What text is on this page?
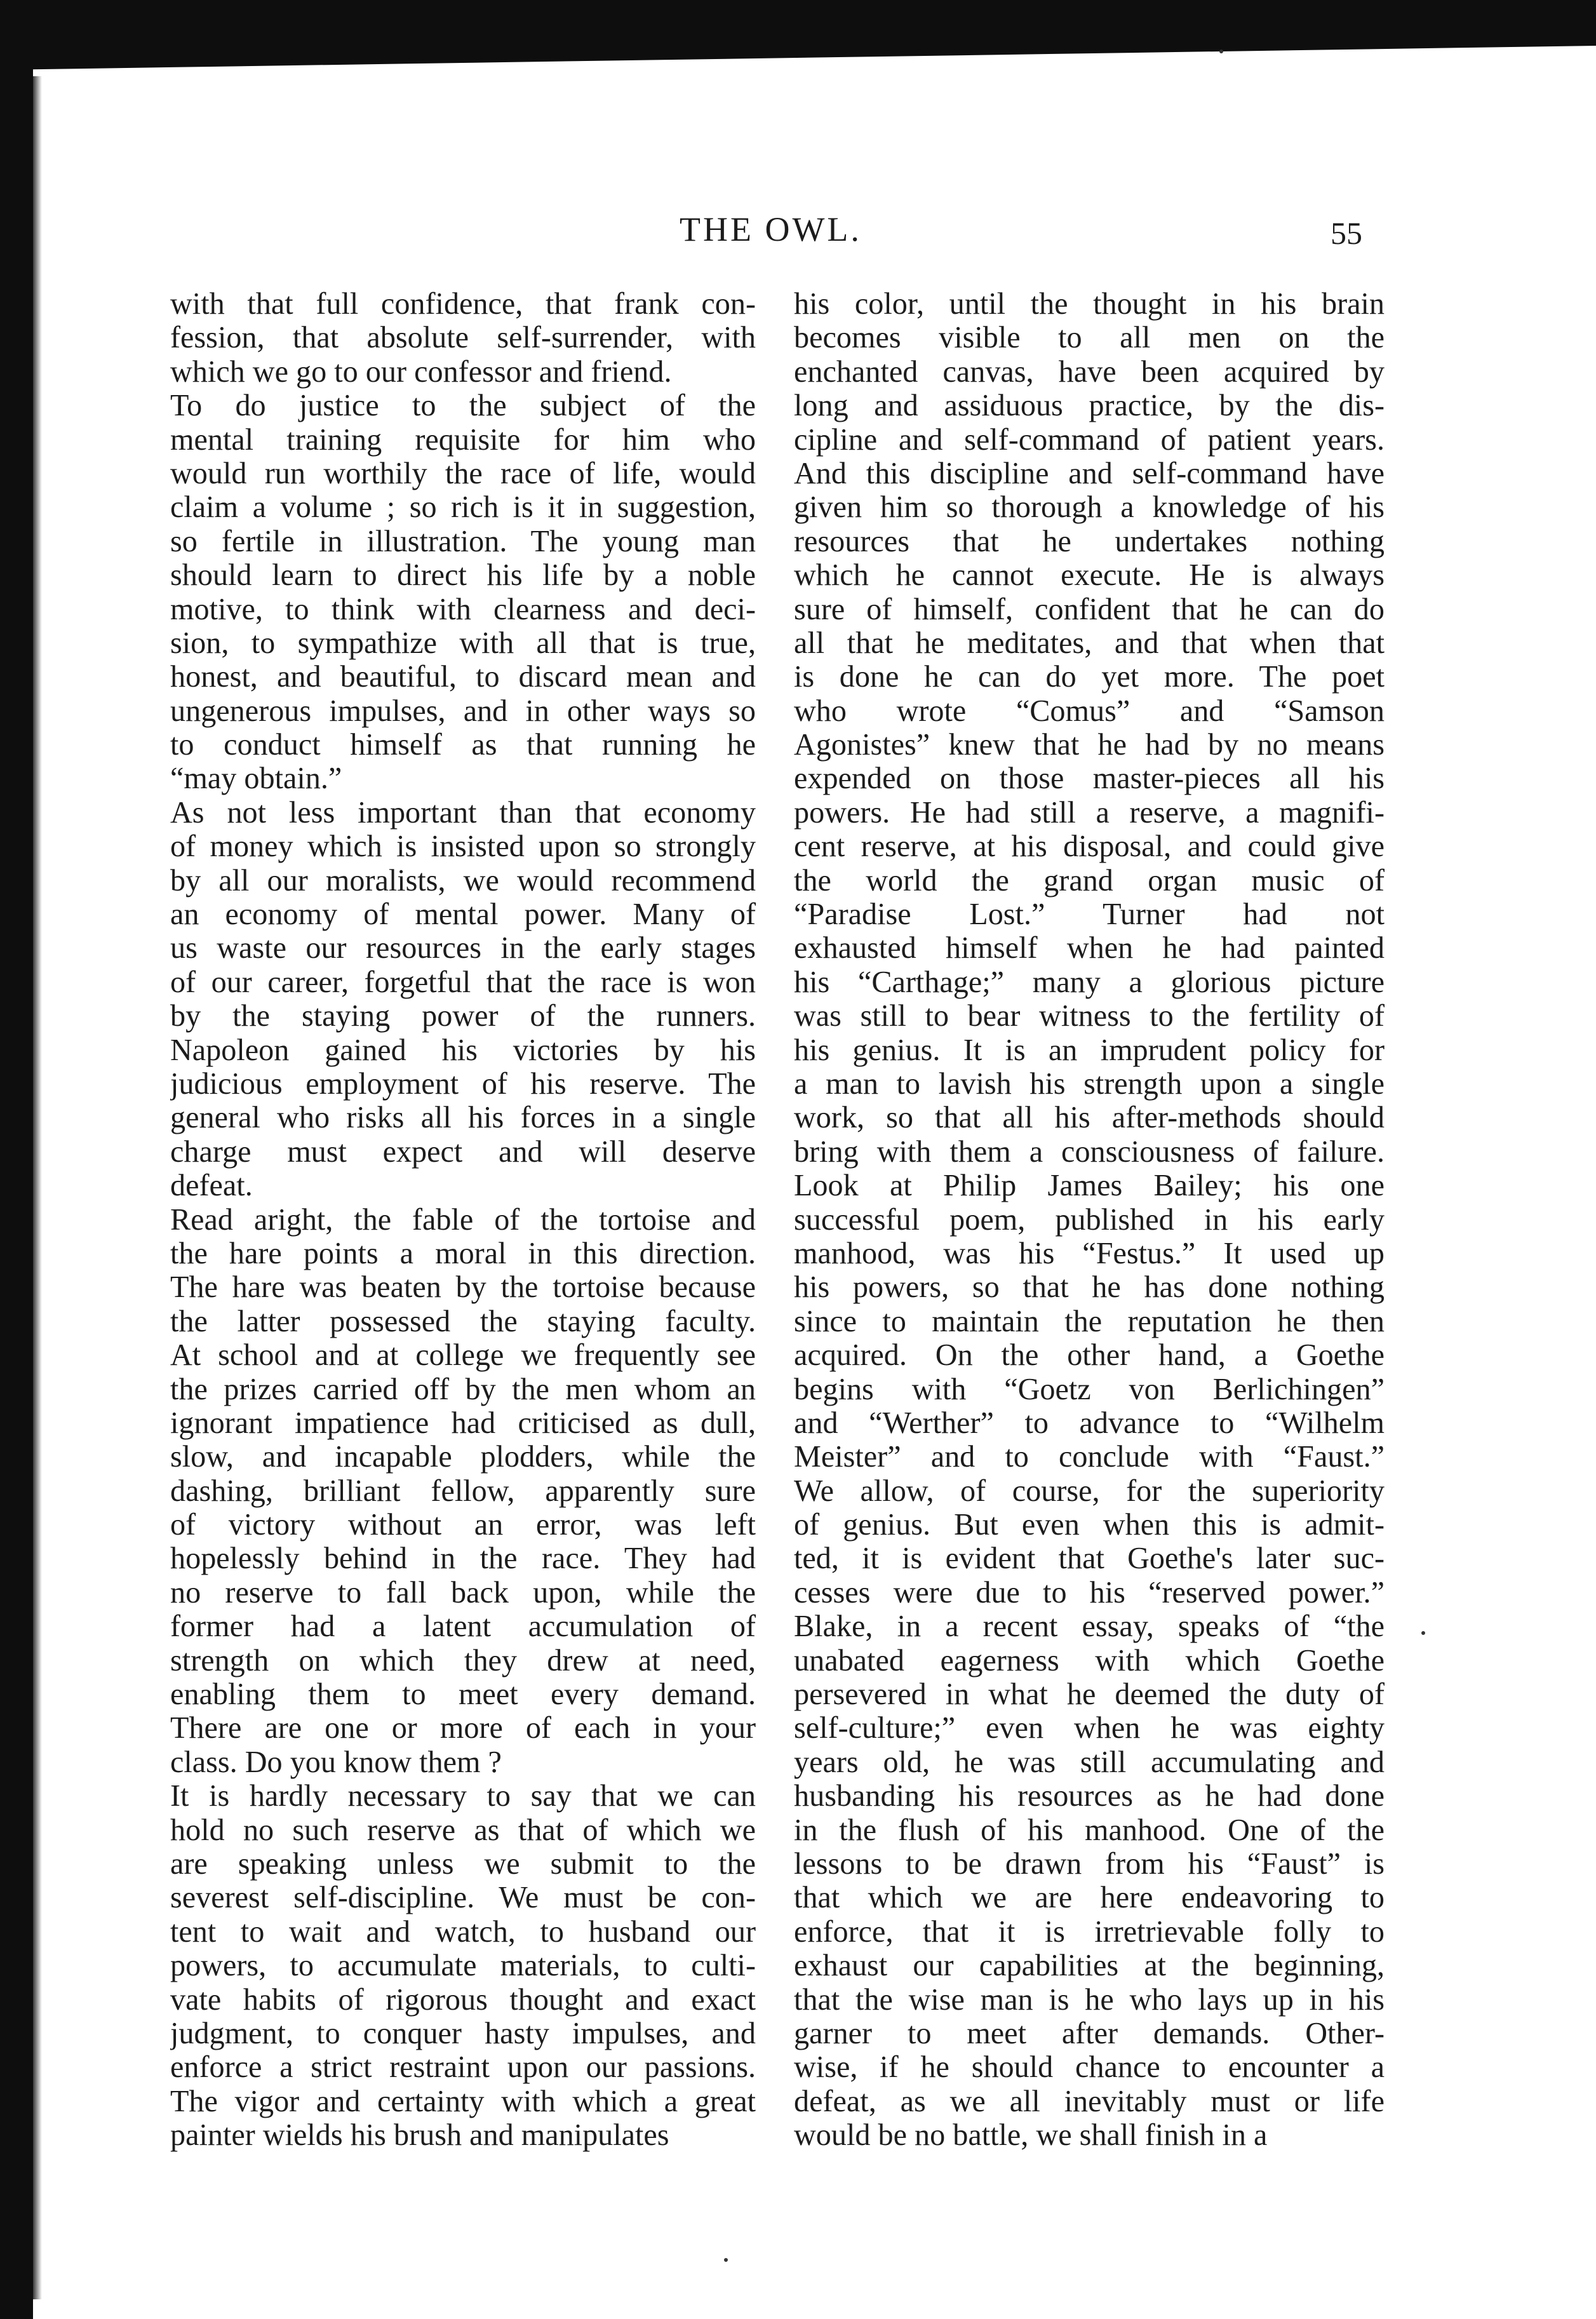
THE OWL.	55
with that full confidence, that frank con-
fession, that absolute self-surrender, with
which we go to our confessor and friend.
To do justice to the subject of the
mental training requisite for him who
would run worthily the race of life, would
claim a volume ; so rich is it in suggestion,
so fertile in illustration. The young man
should learn to direct his life by a noble
motive, to think with clearness and deci-
sion, to sympathize with all that is true,
honest, and beautiful, to discard mean and
ungenerous impulses, and in other ways so
to conduct himself as that running he
“may obtain.”
As not less important than that economy
of money which is insisted upon so strongly
by all our moralists, we would recommend
an economy of mental power. Many of
us waste our resources in the early stages
of our career, forgetful that the race is won
by the staying power of the runners.
Napoleon gained his victories by his
judicious employment of his reserve. The
general who risks all his forces in a single
charge must expect and will deserve
defeat.
Read aright, the fable of the tortoise and
the hare points a moral in this direction.
The hare was beaten by the tortoise because
the latter possessed the staying faculty.
At school and at college we frequently see
the prizes carried off by the men whom an
ignorant impatience had criticised as dull,
slow, and incapable plodders, while the
dashing, brilliant fellow, apparently sure
of victory without an error, was left
hopelessly behind in the race. They had
no reserve to fall back upon, while the
former had a latent accumulation of
strength on which they drew at need,
enabling them to meet every demand.
There are one or more of each in your
class. Do you know them ?
It is hardly necessary to say that we can
hold no such reserve as that of which we
are speaking unless we submit to the
severest self-discipline. We must be con-
tent to wait and watch, to husband our
powers, to accumulate materials, to culti-
vate habits of rigorous thought and exact
judgment, to conquer hasty impulses, and
enforce a strict restraint upon our passions.
The vigor and certainty with which a great
painter wields his brush and manipulates
his color, until the thought in his brain
becomes visible to all men on the
enchanted canvas, have been acquired by
long and assiduous practice, by the dis-
cipline and self-command of patient years.
And this discipline and self-command have
given him so thorough a knowledge of his
resources that he undertakes nothing
which he cannot execute. He is always
sure of himself, confident that he can do
all that he meditates, and that when that
is done he can do yet more. The poet
who wrote “Comus” and “Samson
Agonistes” knew that he had by no means
expended on those master-pieces all his
powers. He had still a reserve, a magnifi-
cent reserve, at his disposal, and could give
the world the grand organ music of
“Paradise Lost.” Turner had not
exhausted himself when he had painted
his “Carthage;” many a glorious picture
was still to bear witness to the fertility of
his genius. It is an imprudent policy for
a man to lavish his strength upon a single
work, so that all his after-methods should
bring with them a consciousness of failure.
Look at Philip James Bailey; his one
successful poem, published in his early
manhood, was his “Festus.” It used up
his powers, so that he has done nothing
since to maintain the reputation he then
acquired. On the other hand, a Goethe
begins with “Goetz von Berlichingen”
and “Werther” to advance to “Wilhelm
Meister” and to conclude with “Faust.”
We allow, of course, for the superiority
of genius. But even when this is admit-
ted, it is evident that Goethe's later suc-
cesses were due to his “reserved power.”
Blake, in a recent essay, speaks of “the
unabated eagerness with which Goethe
persevered in what he deemed the duty of
self-culture;” even when he was eighty
years old, he was still accumulating and
husbanding his resources as he had done
in the flush of his manhood. One of the
lessons to be drawn from his “Faust” is
that which we are here endeavoring to
enforce, that it is irretrievable folly to
exhaust our capabilities at the beginning,
that the wise man is he who lays up in his
garner to meet after demands. Other-
wise, if he should chance to encounter a
defeat, as we all inevitably must or life
would be no battle, we shall finish in a
